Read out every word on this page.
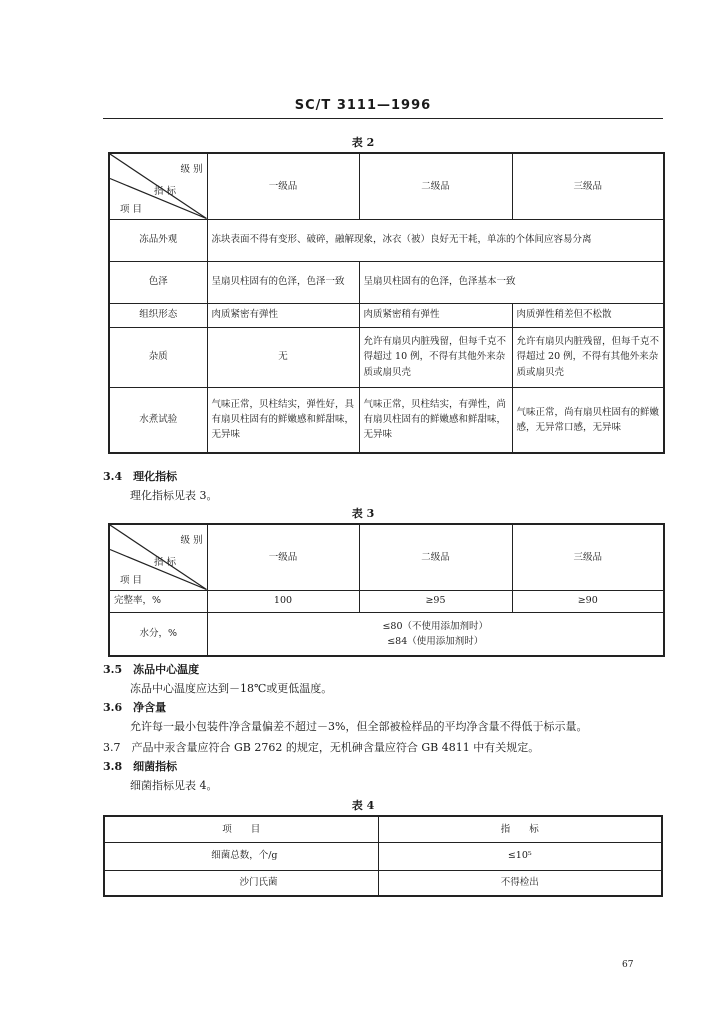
SC/T 3111—1996
表 2
级 别
指 标
项 目	一级品	二级品	三级品
冻品外观	冻块表面不得有变形、破碎，融解现象，冰衣（被）良好无干耗，单冻的个体间应容易分离		
色泽	呈扇贝柱固有的色泽，色泽一致	呈扇贝柱固有的色泽，色泽基本一致	
组织形态	肉质紧密有弹性	肉质紧密稍有弹性	肉质弹性稍差但不松散
杂质	无	允许有扇贝内脏残留，但每千克不得超过 10 例，不得有其他外来杂质或扇贝壳	允许有扇贝内脏残留，但每千克不得超过 20 例，不得有其他外来杂质或扇贝壳
水煮试验	气味正常，贝柱结实，弹性好，具有扇贝柱固有的鲜嫩感和鲜甜味，无异味	气味正常，贝柱结实，有弹性，尚有扇贝柱固有的鲜嫩感和鲜甜味，无异味	气味正常，尚有扇贝柱固有的鲜嫩感，无异常口感，无异味
3.4　理化指标
理化指标见表 3。
表 3
级 别
指 标
项 目	一级品	二级品	三级品
完整率，%	100	≥95	≥90
水分，%	≤80（不使用添加剂时）
≤84（使用添加剂时）		
3.5　冻品中心温度
冻品中心温度应达到－18℃或更低温度。
3.6　净含量
允许每一最小包装件净含量偏差不超过－3%，但全部被检样品的平均净含量不得低于标示量。
3.7　产品中汞含量应符合 GB 2762 的规定，无机砷含量应符合 GB 4811 中有关规定。
3.8　细菌指标
细菌指标见表 4。
表 4
项　　目	指　　标
细菌总数，个/g	≤10⁵
沙门氏菌	不得检出
67
